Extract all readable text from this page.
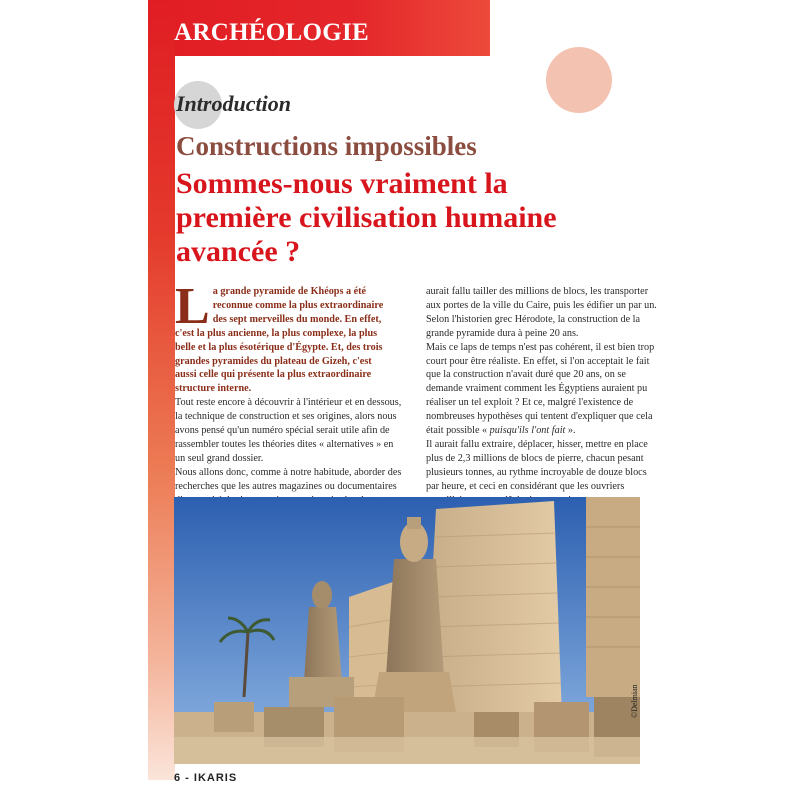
ARCHÉOLOGIE
Introduction
Constructions impossibles
Sommes-nous vraiment la
première civilisation humaine
avancée ?
L a grande pyramide de Khéops a été
reconnue comme la plus extraordinaire
des sept merveilles du monde. En effet,
c'est la plus ancienne, la plus complexe, la plus
belle et la plus ésotérique d'Égypte. Et, des trois
grandes pyramides du plateau de Gizeh, c'est
aussi celle qui présente la plus extraordinaire
structure interne.
Tout reste encore à découvrir à l'intérieur et en dessous,
la technique de construction et ses origines, alors nous
avons pensé qu'un numéro spécial serait utile afin de
rassembler toutes les théories dites « alternatives » en
un seul grand dossier.
Nous allons donc, comme à notre habitude, aborder des
recherches que les autres magazines ou documentaires
aurait fallu tailler des millions de blocs, les transporter
aux portes de la ville du Caire, puis les édifier un par un.
Selon l'historien grec Hérodote, la construction de la
grande pyramide dura à peine 20 ans.
Mais ce laps de temps n'est pas cohérent, il est bien trop
court pour être réaliste. En effet, si l'on acceptait le fait
que la construction n'avait duré que 20 ans, on se
demande vraiment comment les Égyptiens auraient pu
réaliser un tel exploit ? Et ce, malgré l'existence de
nombreuses hypothèses qui tentent d'expliquer que cela
était possible « puisqu'ils l'ont fait ».
Il aurait fallu extraire, déplacer, hisser, mettre en place
plus de 2,3 millions de blocs de pierre, chacun pesant
plusieurs tonnes, au rythme incroyable de douze blocs
par heure, et ceci en considérant que les ouvriers
©Delmian
6 - IKARIS
